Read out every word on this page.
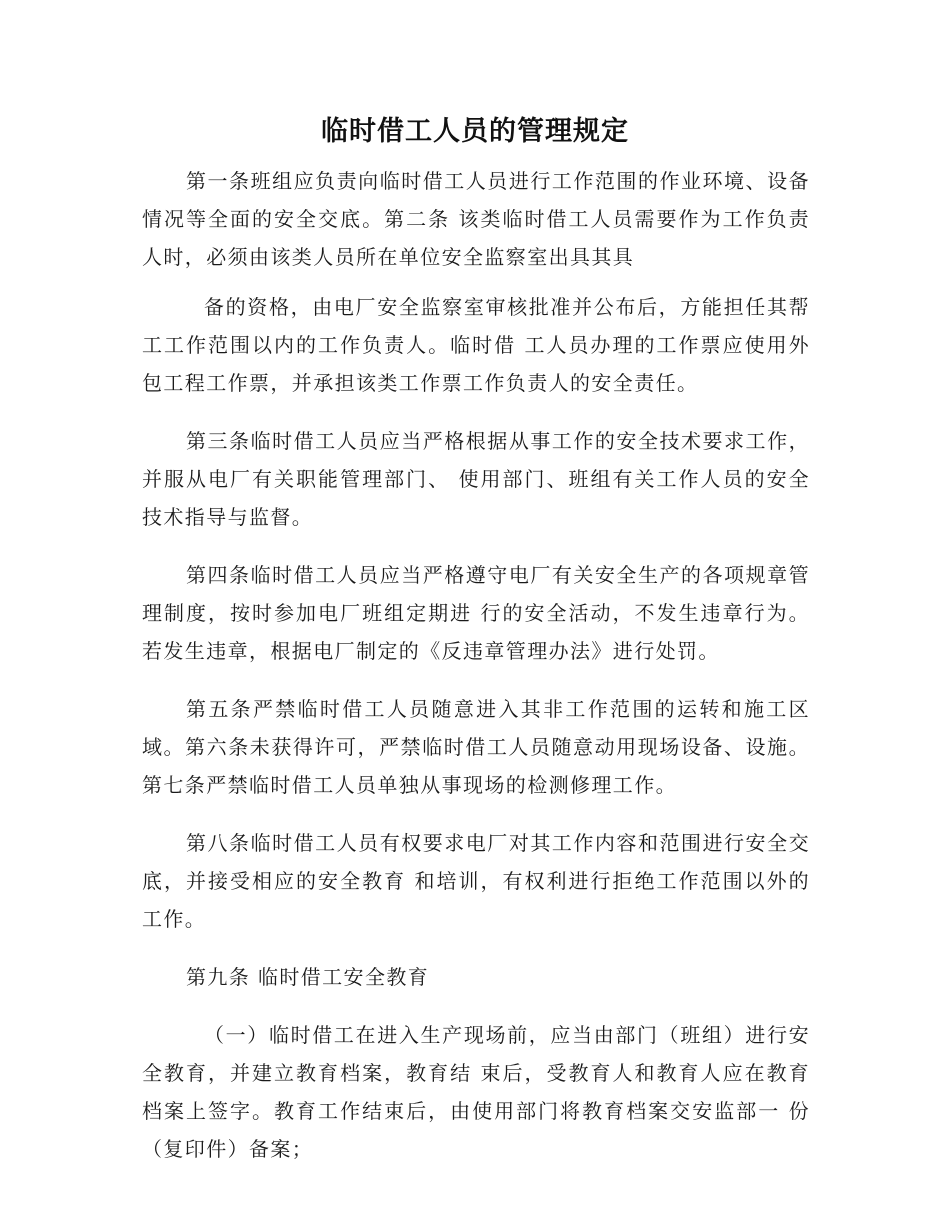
临时借工人员的管理规定

第一条班组应负责向临时借工人员进行工作范围的作业环境、设备情况等全面的安全交底。第二条 该类临时借工人员需要作为工作负责人时，必须由该类人员所在单位安全监察室出具其具

备的资格，由电厂安全监察室审核批准并公布后，方能担任其帮工工作范围以内的工作负责人。临时借 工人员办理的工作票应使用外包工程工作票，并承担该类工作票工作负责人的安全责任。

第三条临时借工人员应当严格根据从事工作的安全技术要求工作，并服从电厂有关职能管理部门、 使用部门、班组有关工作人员的安全技术指导与监督。

第四条临时借工人员应当严格遵守电厂有关安全生产的各项规章管理制度，按时参加电厂班组定期进 行的安全活动，不发生违章行为。若发生违章，根据电厂制定的《反违章管理办法》进行处罚。

第五条严禁临时借工人员随意进入其非工作范围的运转和施工区域。第六条未获得许可，严禁临时借工人员随意动用现场设备、设施。第七条严禁临时借工人员单独从事现场的检测修理工作。

第八条临时借工人员有权要求电厂对其工作内容和范围进行安全交底，并接受相应的安全教育 和培训，有权利进行拒绝工作范围以外的工作。

第九条 临时借工安全教育

（一）临时借工在进入生产现场前，应当由部门（班组）进行安全教育，并建立教育档案，教育结 束后，受教育人和教育人应在教育档案上签字。教育工作结束后，由使用部门将教育档案交安监部一 份（复印件）备案；
